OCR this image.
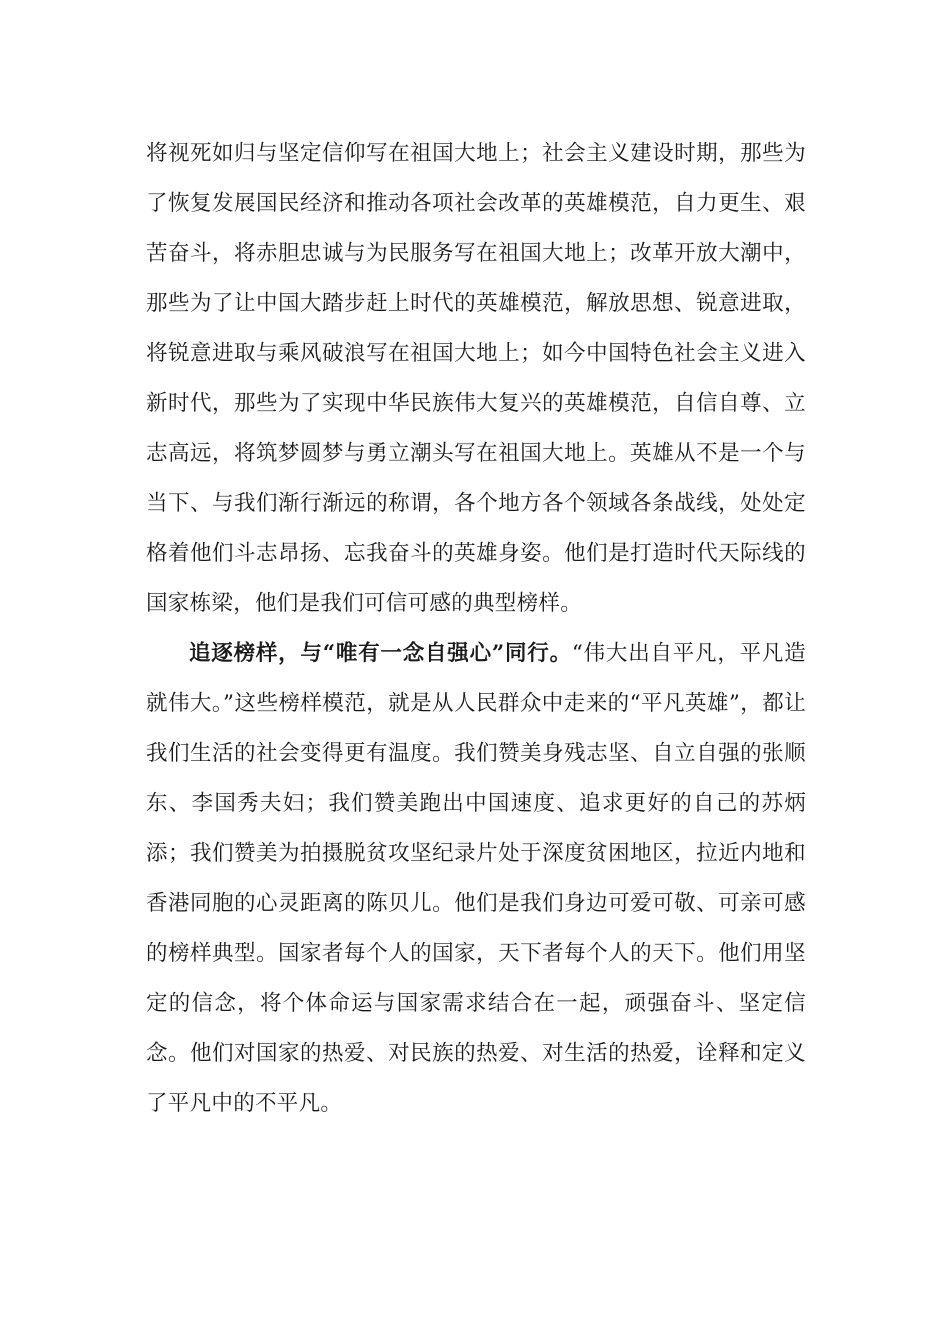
将视死如归与坚定信仰写在祖国大地上；社会主义建设时期，那些为了恢复发展国民经济和推动各项社会改革的英雄模范，自力更生、艰苦奋斗，将赤胆忠诚与为民服务写在祖国大地上；改革开放大潮中，那些为了让中国大踏步赶上时代的英雄模范，解放思想、锐意进取，将锐意进取与乘风破浪写在祖国大地上；如今中国特色社会主义进入新时代，那些为了实现中华民族伟大复兴的英雄模范，自信自尊、立志高远，将筑梦圆梦与勇立潮头写在祖国大地上。英雄从不是一个与当下、与我们渐行渐远的称谓，各个地方各个领域各条战线，处处定格着他们斗志昂扬、忘我奋斗的英雄身姿。他们是打造时代天际线的国家栋梁，他们是我们可信可感的典型榜样。

追逐榜样，与“唯有一念自强心”同行。“伟大出自平凡，平凡造就伟大。”这些榜样模范，就是从人民群众中走来的“平凡英雄”，都让我们生活的社会变得更有温度。我们赞美身残志坚、自立自强的张顺东、李国秀夫妇；我们赞美跑出中国速度、追求更好的自己的苏炳添；我们赞美为拍摄脱贫攻坚纪录片处于深度贫困地区，拉近内地和香港同胞的心灵距离的陈贝儿。他们是我们身边可爱可敬、可亲可感的榜样典型。国家者每个人的国家，天下者每个人的天下。他们用坚定的信念，将个体命运与国家需求结合在一起，顽强奋斗、坚定信念。他们对国家的热爱、对民族的热爱、对生活的热爱，诠释和定义了平凡中的不平凡。
